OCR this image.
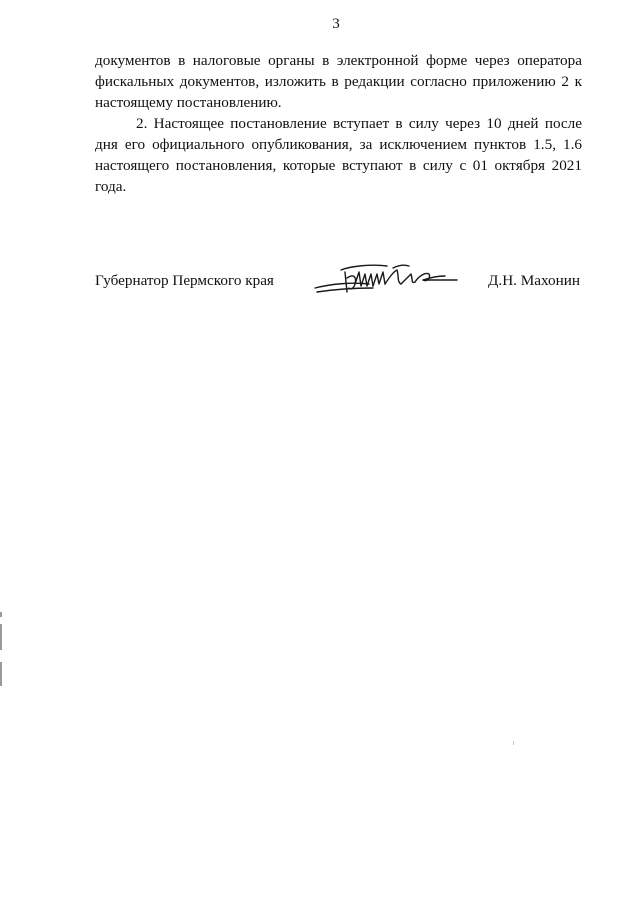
3

документов в налоговые органы в электронной форме через оператора фискальных документов, изложить в редакции согласно приложению 2 к настоящему постановлению.

2. Настоящее постановление вступает в силу через 10 дней после дня его официального опубликования, за исключением пунктов 1.5, 1.6 настоящего постановления, которые вступают в силу с 01 октября 2021 года.

Губернатор Пермского края	Д.Н. Махонин
